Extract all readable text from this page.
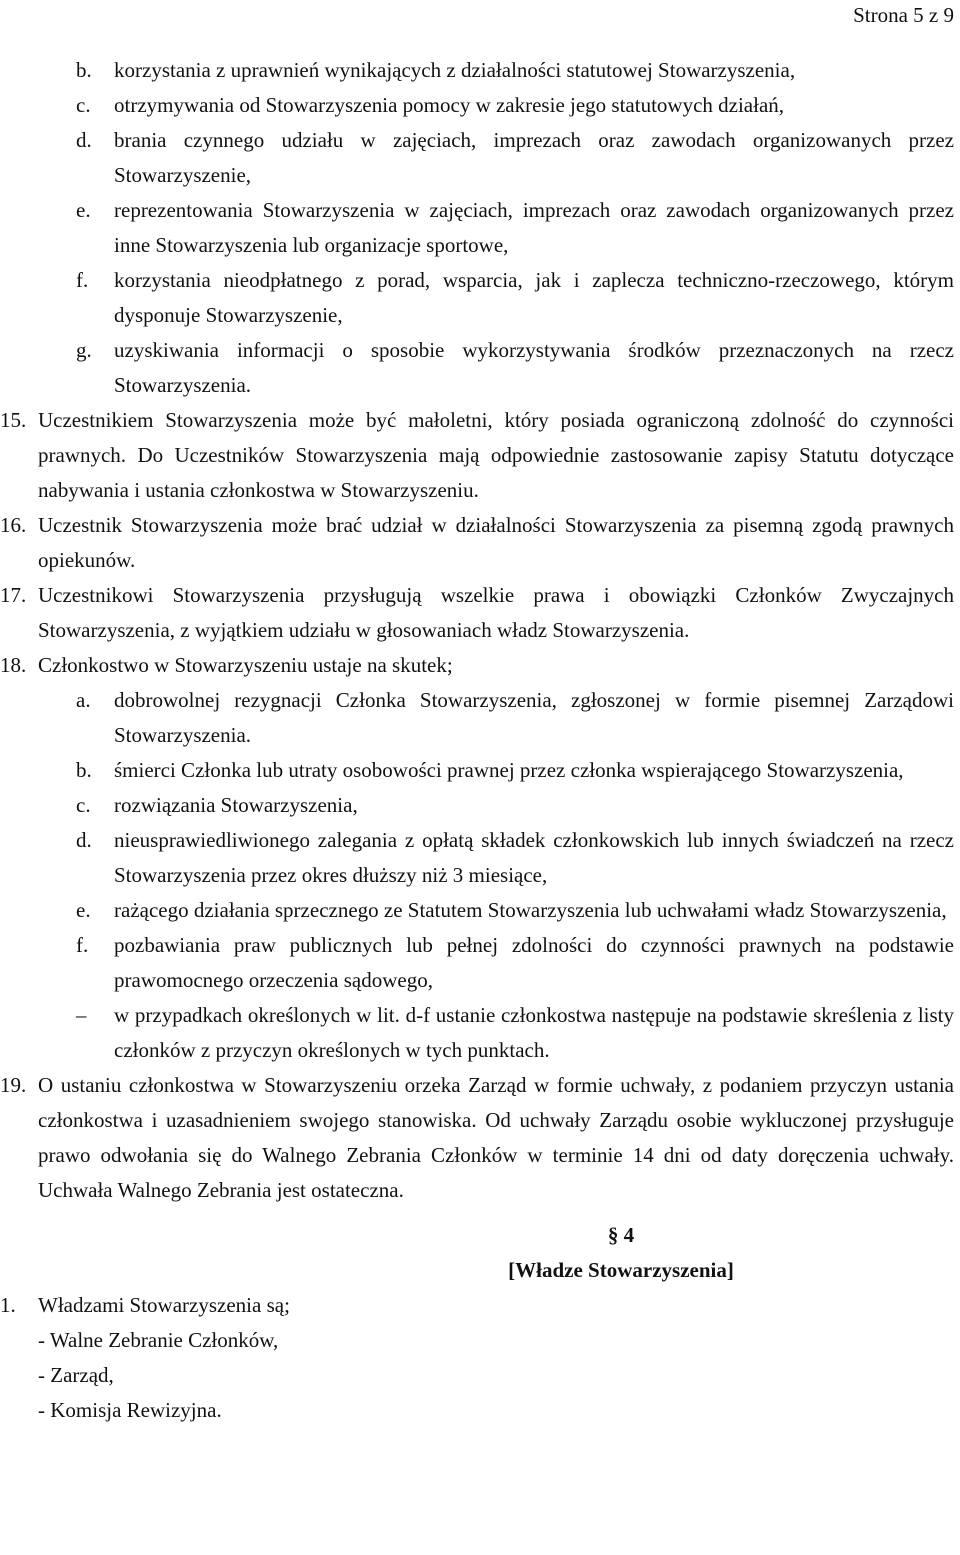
Strona 5 z 9
b.	korzystania z uprawnień wynikających z działalności statutowej Stowarzyszenia,
c.	otrzymywania od Stowarzyszenia pomocy w zakresie jego statutowych działań,
d.	brania czynnego udziału w zajęciach, imprezach oraz zawodach organizowanych przez Stowarzyszenie,
e.	reprezentowania Stowarzyszenia w zajęciach, imprezach oraz zawodach organizowanych przez inne Stowarzyszenia lub organizacje sportowe,
f.	korzystania nieodpłatnego z porad, wsparcia, jak i zaplecza techniczno-rzeczowego, którym dysponuje Stowarzyszenie,
g.	uzyskiwania informacji o sposobie wykorzystywania środków przeznaczonych na rzecz Stowarzyszenia.
15. Uczestnikiem Stowarzyszenia może być małoletni, który posiada ograniczoną zdolność do czynności prawnych. Do Uczestników Stowarzyszenia mają odpowiednie zastosowanie zapisy Statutu dotyczące nabywania i ustania członkostwa w Stowarzyszeniu.
16. Uczestnik Stowarzyszenia może brać udział w działalności Stowarzyszenia za pisemną zgodą prawnych opiekunów.
17. Uczestnikowi Stowarzyszenia przysługują wszelkie prawa i obowiązki Członków Zwyczajnych Stowarzyszenia, z wyjątkiem udziału w głosowaniach władz Stowarzyszenia.
18. Członkostwo w Stowarzyszeniu ustaje na skutek;
a.	dobrowolnej rezygnacji Członka Stowarzyszenia, zgłoszonej w formie pisemnej Zarządowi Stowarzyszenia.
b.	śmierci Członka lub utraty osobowości prawnej przez członka wspierającego Stowarzyszenia,
c.	rozwiązania Stowarzyszenia,
d.	nieusprawiedliwionego zalegania z opłatą składek członkowskich lub innych świadczeń na rzecz Stowarzyszenia przez okres dłuższy niż 3 miesiące,
e.	rażącego działania sprzecznego ze Statutem Stowarzyszenia lub uchwałami władz Stowarzyszenia,
f.	pozbawiania praw publicznych lub pełnej zdolności do czynności prawnych na podstawie prawomocnego orzeczenia sądowego,
–	w przypadkach określonych w lit. d-f ustanie członkostwa następuje na podstawie skreślenia z listy członków z przyczyn określonych w tych punktach.
19. O ustaniu członkostwa w Stowarzyszeniu orzeka Zarząd w formie uchwały, z podaniem przyczyn ustania członkostwa i uzasadnieniem swojego stanowiska. Od uchwały Zarządu osobie wykluczonej przysługuje prawo odwołania się do Walnego Zebrania Członków w terminie 14 dni od daty doręczenia uchwały. Uchwała Walnego Zebrania jest ostateczna.
§ 4
[Władze Stowarzyszenia]
1.	Władzami Stowarzyszenia są;
- Walne Zebranie Członków,
- Zarząd,
- Komisja Rewizyjna.
